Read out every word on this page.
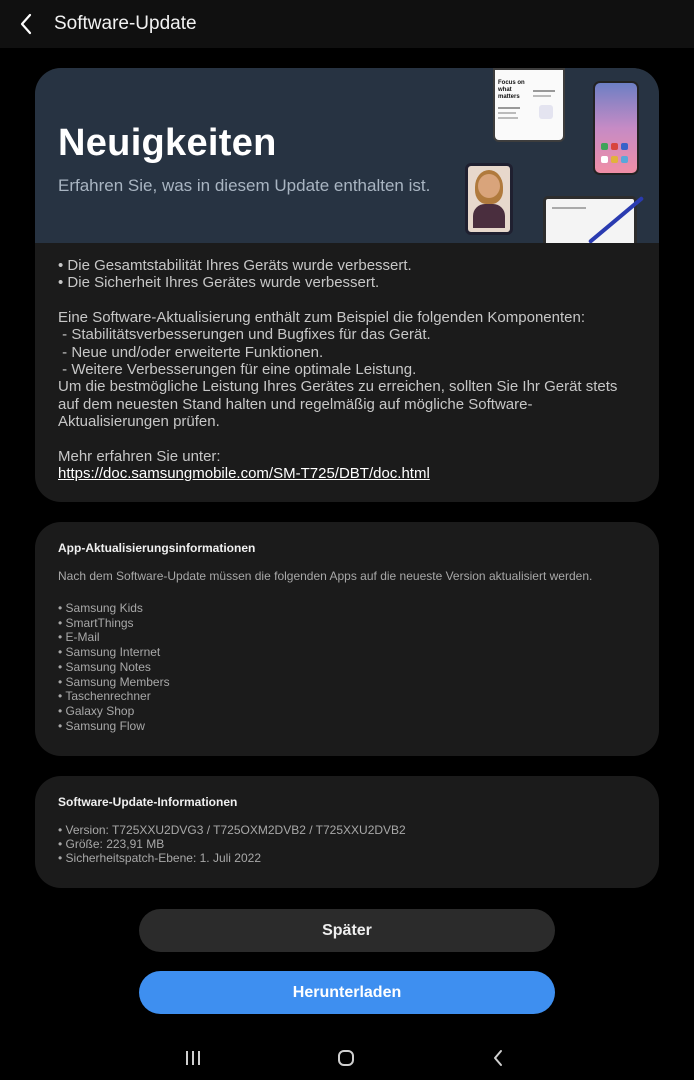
Software-Update
Neuigkeiten
Erfahren Sie, was in diesem Update enthalten ist.
Focus on what matters
• Die Gesamtstabilität Ihres Geräts wurde verbessert.
• Die Sicherheit Ihres Gerätes wurde verbessert.
Eine Software-Aktualisierung enthält zum Beispiel die folgenden Komponenten:
- Stabilitätsverbesserungen und Bugfixes für das Gerät.
- Neue und/oder erweiterte Funktionen.
- Weitere Verbesserungen für eine optimale Leistung.
Um die bestmögliche Leistung Ihres Gerätes zu erreichen, sollten Sie Ihr Gerät stets auf dem neuesten Stand halten und regelmäßig auf mögliche Software-Aktualisierungen prüfen.
Mehr erfahren Sie unter:
https://doc.samsungmobile.com/SM-T725/DBT/doc.html
App-Aktualisierungsinformationen
Nach dem Software-Update müssen die folgenden Apps auf die neueste Version aktualisiert werden.
• Samsung Kids
• SmartThings
• E-Mail
• Samsung Internet
• Samsung Notes
• Samsung Members
• Taschenrechner
• Galaxy Shop
• Samsung Flow
Software-Update-Informationen
• Version: T725XXU2DVG3 / T725OXM2DVB2 / T725XXU2DVB2
• Größe: 223,91 MB
• Sicherheitspatch-Ebene: 1. Juli 2022
Später
Herunterladen
